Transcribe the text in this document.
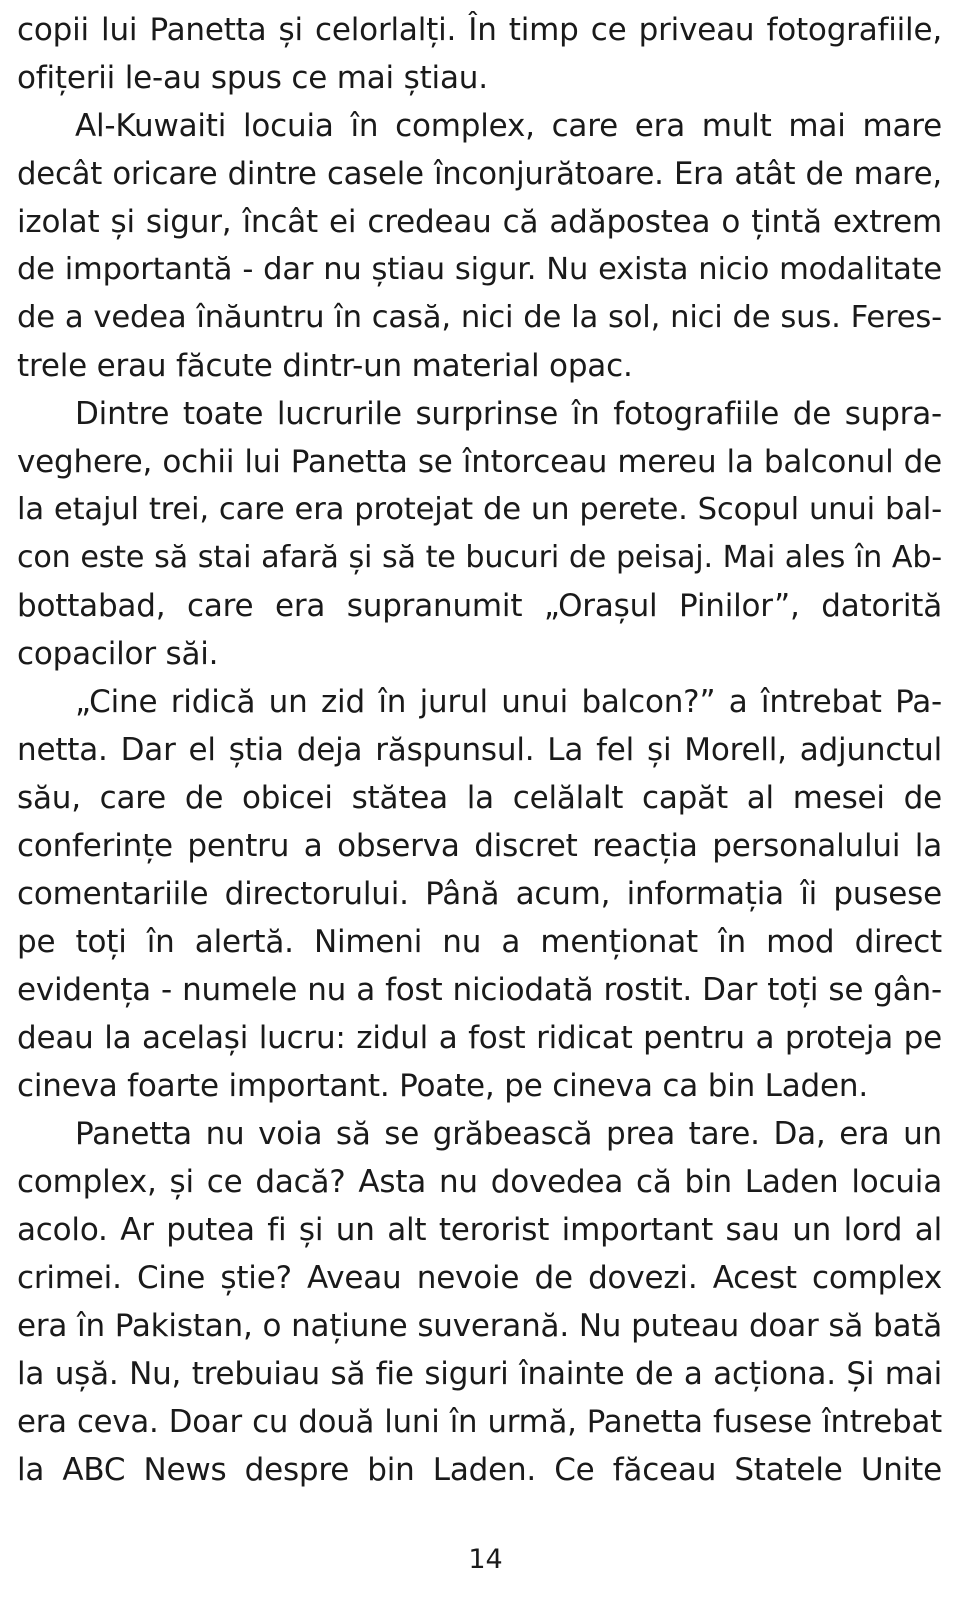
copii lui Panetta și celorlalți. În timp ce priveau fotografiile,
ofițerii le-au spus ce mai știau.
Al-Kuwaiti locuia în complex, care era mult mai mare
decât oricare dintre casele înconjurătoare. Era atât de mare,
izolat și sigur, încât ei credeau că adăpostea o țintă extrem
de importantă - dar nu știau sigur. Nu exista nicio modalitate
de a vedea înăuntru în casă, nici de la sol, nici de sus. Feres-
trele erau făcute dintr-un material opac.
Dintre toate lucrurile surprinse în fotografiile de supra-
veghere, ochii lui Panetta se întorceau mereu la balconul de
la etajul trei, care era protejat de un perete. Scopul unui bal-
con este să stai afară și să te bucuri de peisaj. Mai ales în Ab-
bottabad, care era supranumit „Orașul Pinilor”, datorită
copacilor săi.
„Cine ridică un zid în jurul unui balcon?” a întrebat Pa-
netta. Dar el știa deja răspunsul. La fel și Morell, adjunctul
său, care de obicei stătea la celălalt capăt al mesei de
conferințe pentru a observa discret reacția personalului la
comentariile directorului. Până acum, informația îi pusese
pe toți în alertă. Nimeni nu a menționat în mod direct
evidența - numele nu a fost niciodată rostit. Dar toți se gân-
deau la același lucru: zidul a fost ridicat pentru a proteja pe
cineva foarte important. Poate, pe cineva ca bin Laden.
Panetta nu voia să se grăbească prea tare. Da, era un
complex, și ce dacă? Asta nu dovedea că bin Laden locuia
acolo. Ar putea fi și un alt terorist important sau un lord al
crimei. Cine știe? Aveau nevoie de dovezi. Acest complex
era în Pakistan, o națiune suverană. Nu puteau doar să bată
la ușă. Nu, trebuiau să fie siguri înainte de a acționa. Și mai
era ceva. Doar cu două luni în urmă, Panetta fusese întrebat
la ABC News despre bin Laden. Ce făceau Statele Unite
14
